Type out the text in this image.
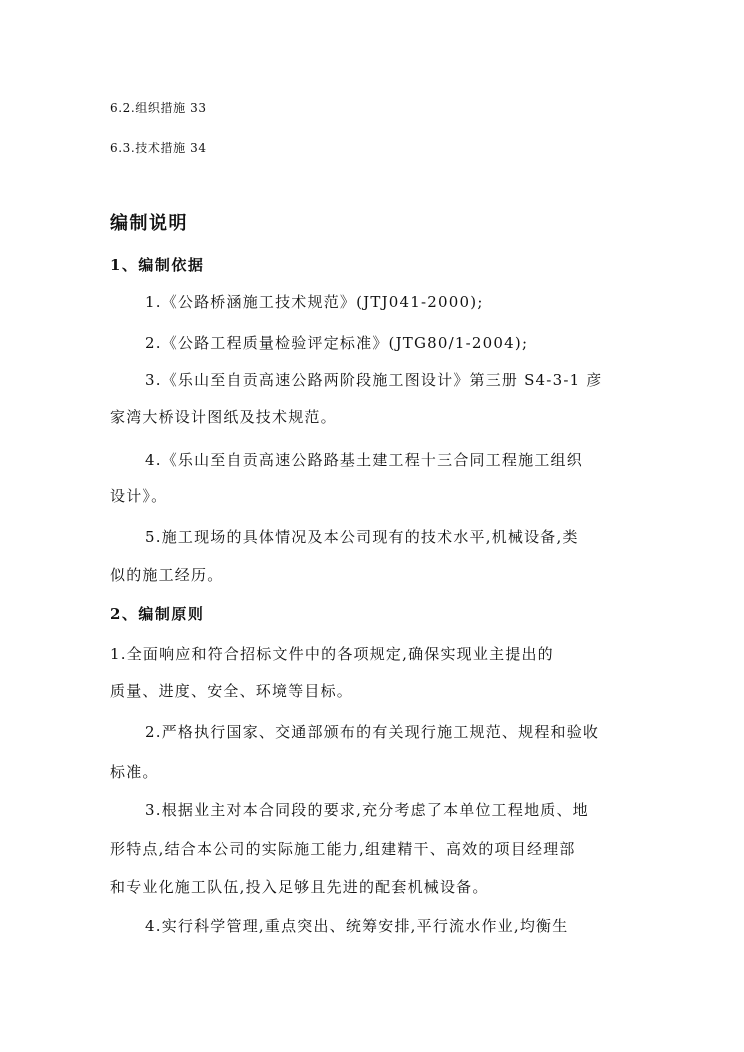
6.2.组织措施 33
6.3.技术措施 34
编制说明
1、编制依据
1.《公路桥涵施工技术规范》(JTJ041-2000);
2.《公路工程质量检验评定标准》(JTG80/1-2004);
3.《乐山至自贡高速公路两阶段施工图设计》第三册 S4-3-1 彦
家湾大桥设计图纸及技术规范。
4.《乐山至自贡高速公路路基土建工程十三合同工程施工组织
设计》。
5.施工现场的具体情况及本公司现有的技术水平,机械设备,类
似的施工经历。
2、编制原则
1.全面响应和符合招标文件中的各项规定,确保实现业主提出的
质量、进度、安全、环境等目标。
2.严格执行国家、交通部颁布的有关现行施工规范、规程和验收
标准。
3.根据业主对本合同段的要求,充分考虑了本单位工程地质、地
形特点,结合本公司的实际施工能力,组建精干、高效的项目经理部
和专业化施工队伍,投入足够且先进的配套机械设备。
4.实行科学管理,重点突出、统筹安排,平行流水作业,均衡生
